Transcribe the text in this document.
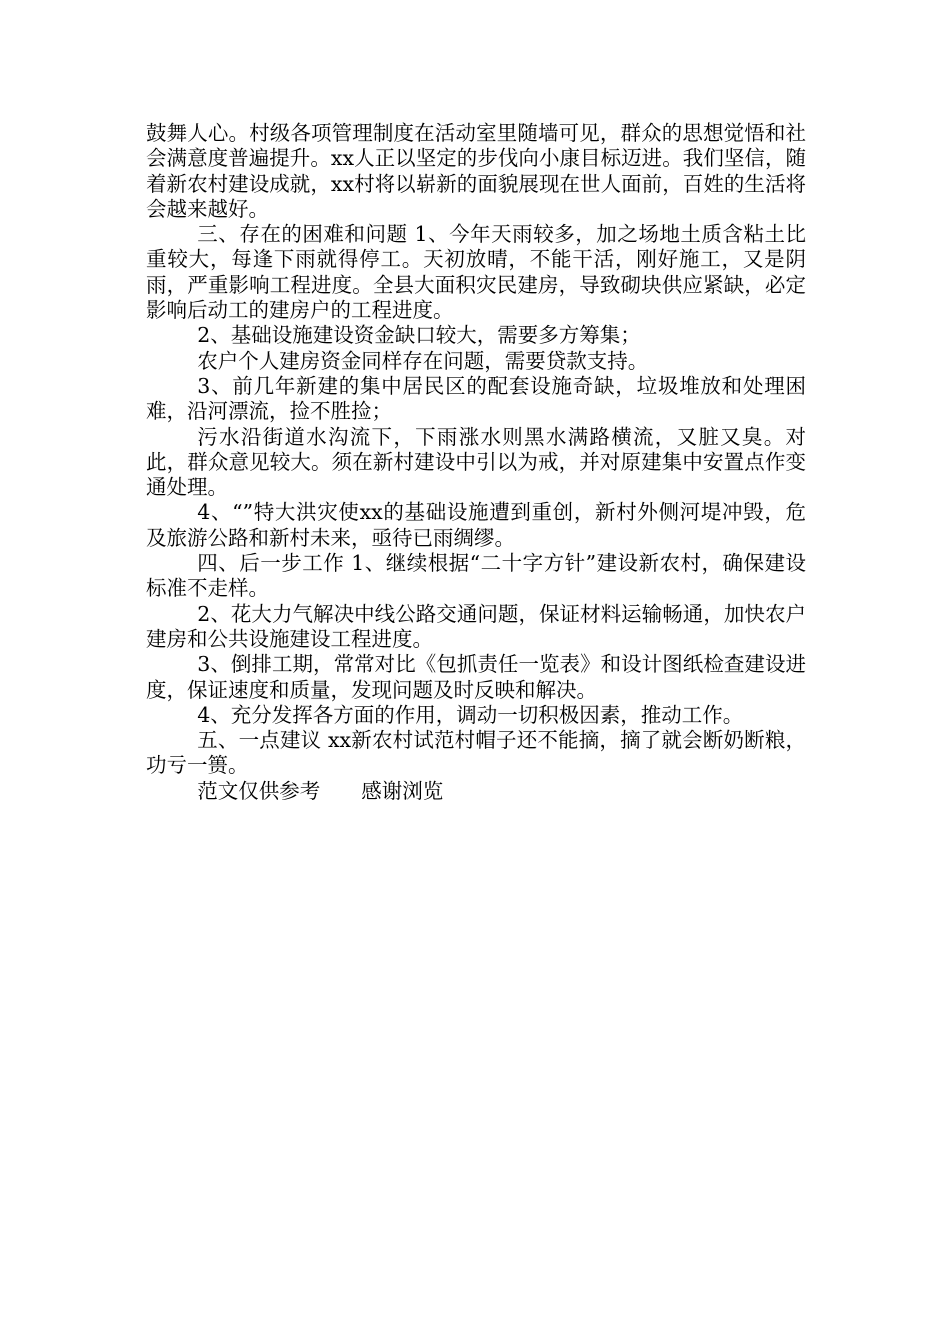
鼓舞人心。村级各项管理制度在活动室里随墙可见，群众的思想觉悟和社会满意度普遍提升。xx人正以坚定的步伐向小康目标迈进。我们坚信，随着新农村建设成就，xx村将以崭新的面貌展现在世人面前，百姓的生活将会越来越好。

三、存在的困难和问题 1、今年天雨较多，加之场地土质含粘土比重较大，每逢下雨就得停工。天初放晴，不能干活，刚好施工，又是阴雨，严重影响工程进度。全县大面积灾民建房，导致砌块供应紧缺，必定影响后动工的建房户的工程进度。

2、基础设施建设资金缺口较大，需要多方筹集；

农户个人建房资金同样存在问题，需要贷款支持。

3、前几年新建的集中居民区的配套设施奇缺，垃圾堆放和处理困难，沿河漂流，捡不胜捡；

污水沿街道水沟流下，下雨涨水则黑水满路横流，又脏又臭。对此，群众意见较大。须在新村建设中引以为戒，并对原建集中安置点作变通处理。

4、“”特大洪灾使xx的基础设施遭到重创，新村外侧河堤冲毁，危及旅游公路和新村未来，亟待已雨绸缪。

四、后一步工作 1、继续根据“二十字方针”建设新农村，确保建设标准不走样。

2、花大力气解决中线公路交通问题，保证材料运输畅通，加快农户建房和公共设施建设工程进度。

3、倒排工期，常常对比《包抓责任一览表》和设计图纸检查建设进度，保证速度和质量，发现问题及时反映和解决。

4、充分发挥各方面的作用，调动一切积极因素，推动工作。

五、一点建议 xx新农村试范村帽子还不能摘，摘了就会断奶断粮，功亏一篑。

范文仅供参考　　感谢浏览
